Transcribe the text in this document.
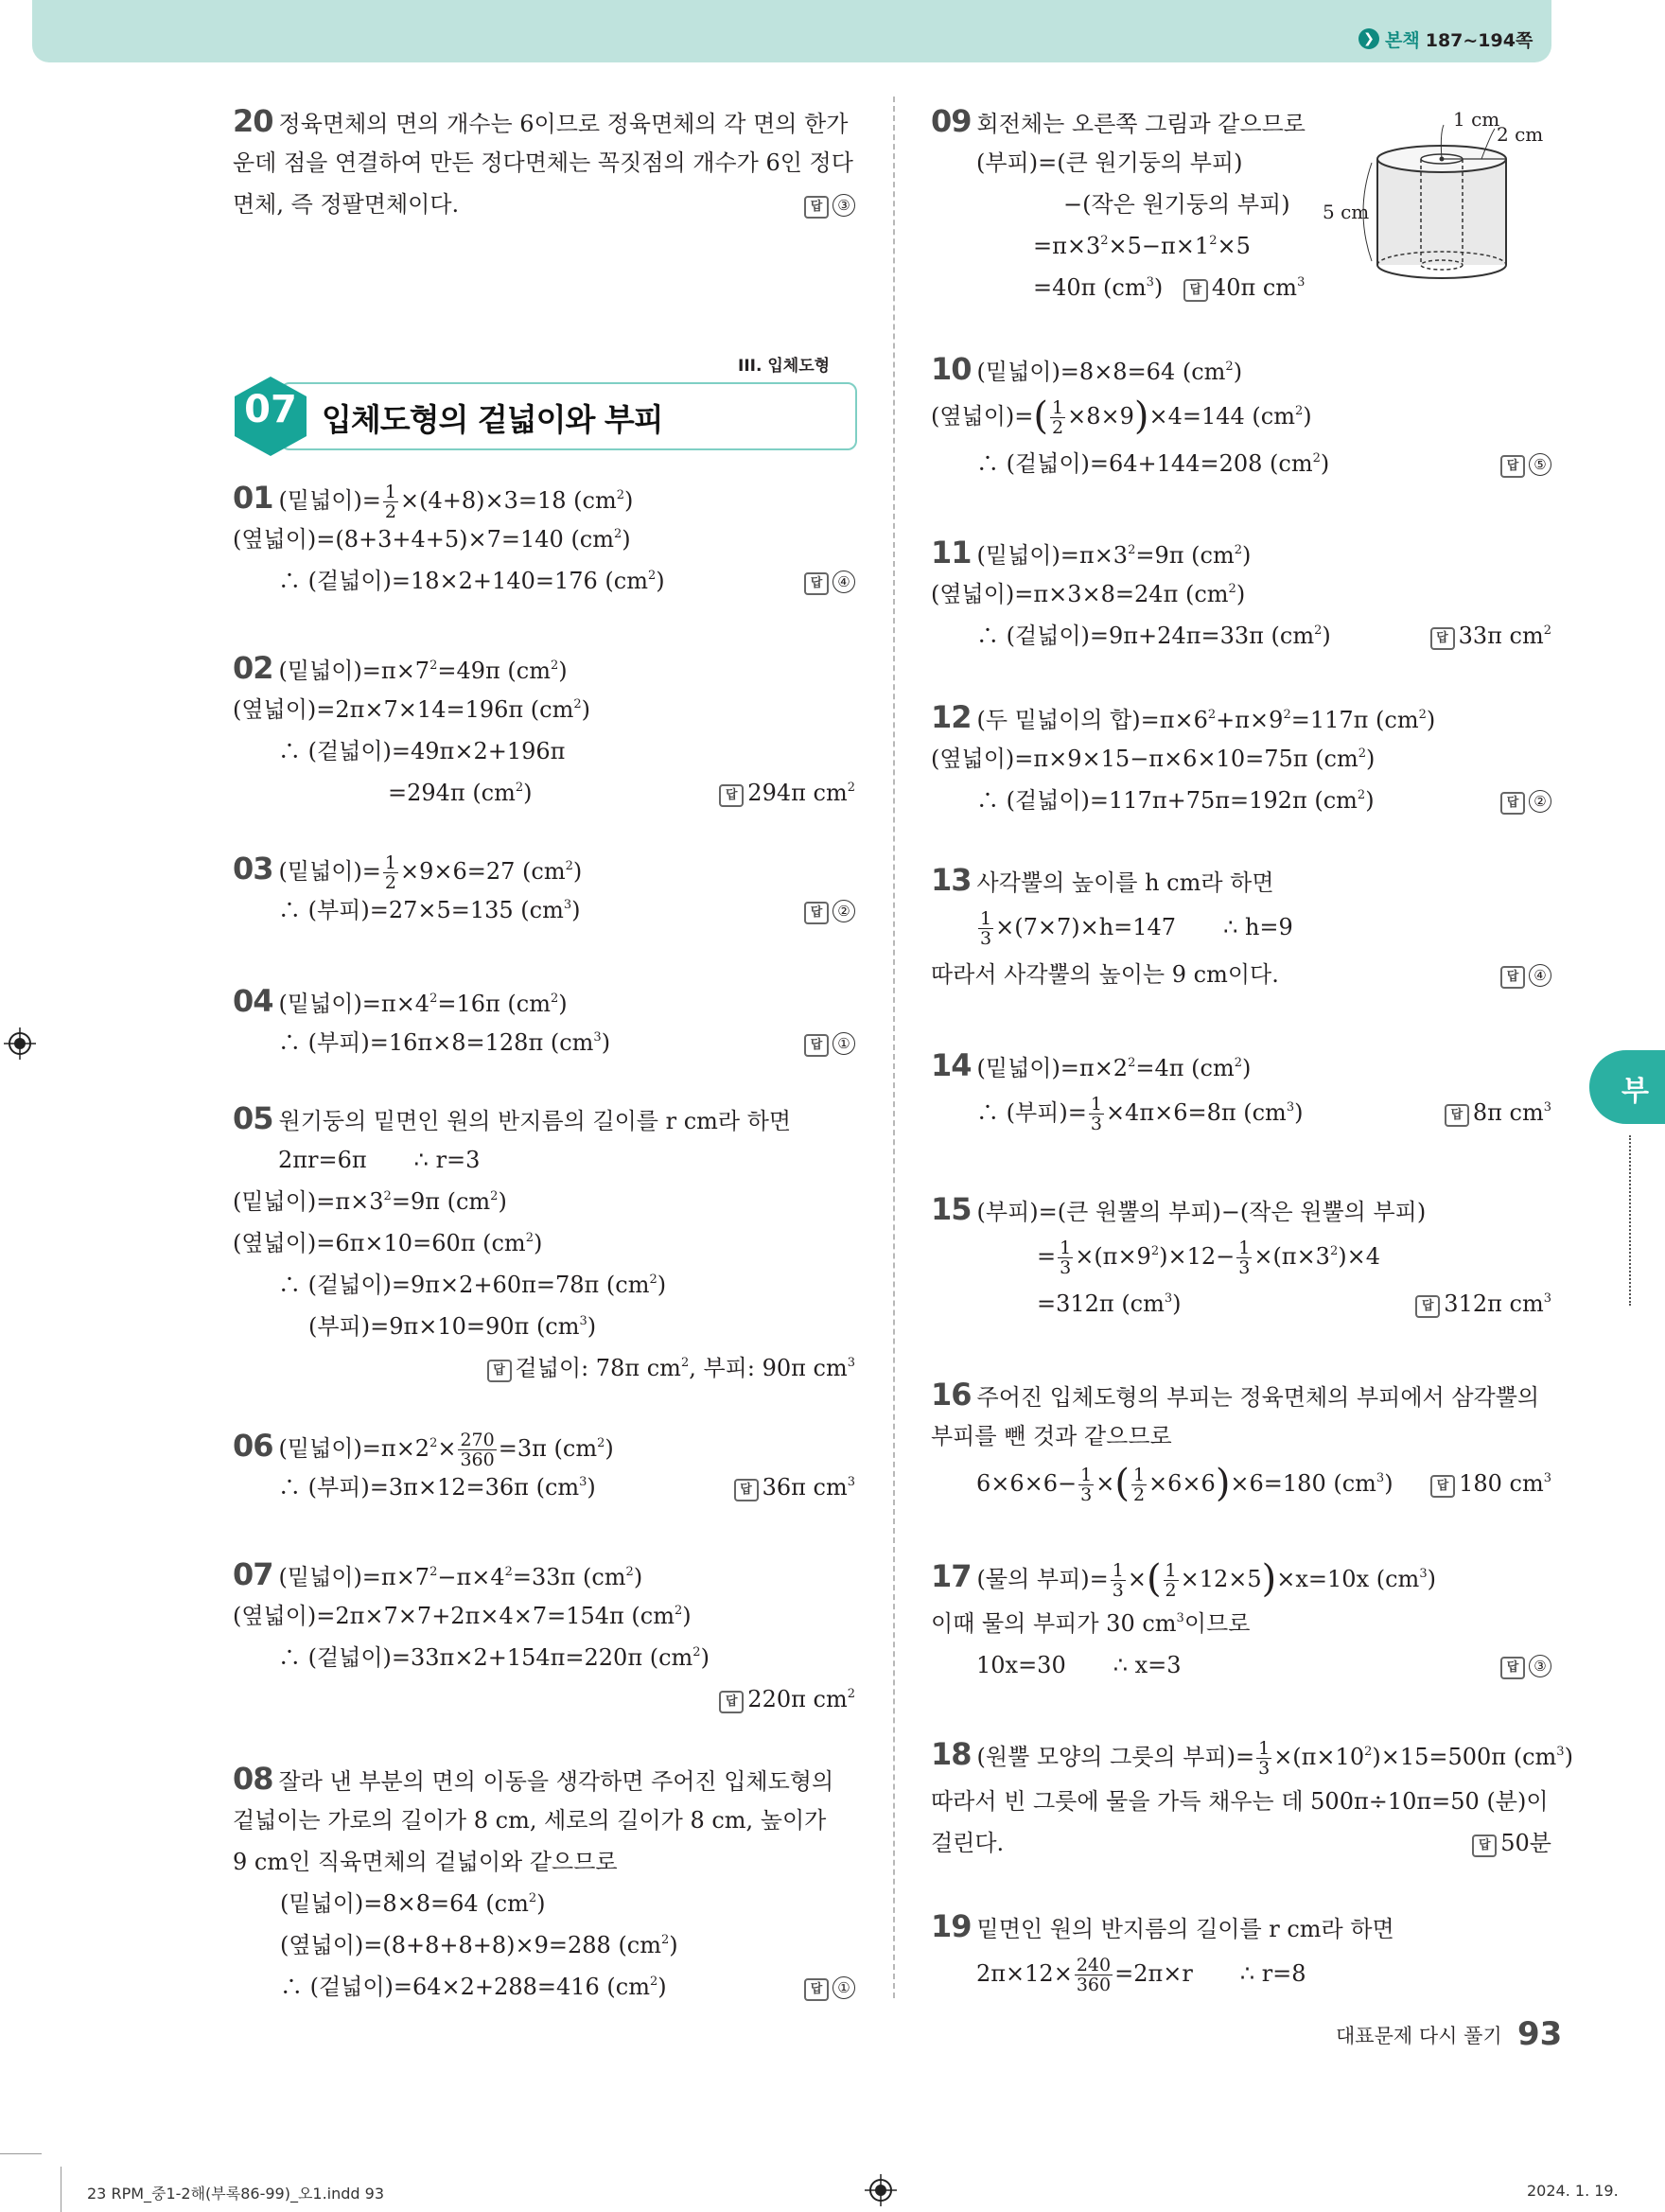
❯ 본책 187~194쪽
20 정육면체의 면의 개수는 6이므로 정육면체의 각 면의 한가
운데 점을 연결하여 만든 정다면체는 꼭짓점의 개수가 6인 정다
면체, 즉 정팔면체이다.	답 ③
III. 입체도형
07 입체도형의 겉넓이와 부피
01 (밑넓이)= $\frac{1}{2} \times(4+8)\times 3=18$ $(cm^2)$
(옆넓이)=(8+3+4+5)×7=140 $(cm^2)$
∴ (겉넓이)=18×2+140=176 $(cm^2)$	답 ④
02 (밑넓이)$=\pi\times 7^2=49\pi$ $(cm^2)$
(옆넓이)=2π×7×14=196π $(cm^2)$
∴ (겉넓이)=49π×2+196π
=294π $(cm^2)$	답 294π $cm^2$
03 (밑넓이)= $\frac{1}{2} \times 9\times 6=27$ $(cm^2)$
∴ (부피)=27×5=135 $(cm^3)$	답 ②
04 (밑넓이)$=\pi\times 4^2=16\pi$ $(cm^2)$
∴ (부피)=16π×8=128π $(cm^3)$	답 ①
05 원기둥의 밑면인 원의 반지름의 길이를 r cm라 하면
2πr=6π ∴ r=3
(밑넓이)$=\pi\times 3^2=9\pi$ $(cm^2)$
(옆넓이)=6π×10=60π $(cm^2)$
∴ (겉넓이)=9π×2+60π=78π $(cm^2)$
(부피)=9π×10=90π $(cm^3)$
답 겉넓이: 78π $cm^2$, 부피: 90π $cm^3$
06 (밑넓이)$=\pi\times 2^2\times \frac{270}{360} =3\pi$ $(cm^2)$
∴ (부피)=3π×12=36π $(cm^3)$	답 36π $cm^3$
07 (밑넓이)$=\pi\times 7^2-\pi\times 4^2=33\pi$ $(cm^2)$
(옆넓이)=2π×7×7+2π×4×7=154π $(cm^2)$
∴ (겉넓이)=33π×2+154π=220π $(cm^2)$
답 220π $cm^2$
08 잘라 낸 부분의 면의 이동을 생각하면 주어진 입체도형의
겉넓이는 가로의 길이가 8 cm, 세로의 길이가 8 cm, 높이가
9 cm인 직육면체의 겉넓이와 같으므로
(밑넓이)=8×8=64 $(cm^2)$
(옆넓이)=(8+8+8+8)×9=288 $(cm^2)$
∴ (겉넓이)=64×2+288=416 $(cm^2)$	답 ①
09 회전체는 오른쪽 그림과 같으므로
(부피)=(큰 원기둥의 부피)
−(작은 원기둥의 부피)
$=\pi\times 3^2\times 5-\pi\times 1^2\times 5$
=40π $(cm^3)$ 답 40π $cm^3$
1 cm
2 cm
5 cm
10 (밑넓이)=8×8=64 $(cm^2)$
(옆넓이)=( $\frac{1}{2} \times 8\times 9)\times 4=144$ $(cm^2)$
∴ (겉넓이)=64+144=208 $(cm^2)$	답 ⑤
11 (밑넓이)$=\pi\times 3^2=9\pi$ $(cm^2)$
(옆넓이)=π×3×8=24π $(cm^2)$
∴ (겉넓이)=9π+24π=33π $(cm^2)$	답 33π $cm^2$
12 (두 밑넓이의 합)$=\pi\times 6^2+\pi\times 9^2=117\pi$ $(cm^2)$
(옆넓이)=π×9×15−π×6×10=75π $(cm^2)$
∴ (겉넓이)=117π+75π=192π $(cm^2)$	답 ②
13 사각뿔의 높이를 h cm라 하면
$\frac{1}{3} \times(7\times 7)\times h=147$ ∴ h=9
따라서 사각뿔의 높이는 9 cm이다.	답 ④
14 (밑넓이)$=\pi\times 2^2=4\pi$ $(cm^2)$
∴ (부피)= $\frac{1}{3} \times 4\pi\times 6=8\pi$ $(cm^3)$	답 8π $cm^3$
15 (부피)=(큰 원뿔의 부피)−(작은 원뿔의 부피)
= $\frac{1}{3} \times(\pi\times 9^2)\times 12- \frac{1}{3} \times(\pi\times 3^2)\times 4$
=312π $(cm^3)$	답 312π $cm^3$
16 주어진 입체도형의 부피는 정육면체의 부피에서 삼각뿔의
부피를 뺀 것과 같으므로
$6\times 6\times 6- \frac{1}{3}$ ×( $\frac{1}{2} \times 6\times 6)\times 6=180$ $(cm^3)$	답 180 $cm^3$
17 (물의 부피)= $\frac{1}{3}$ ×( $\frac{1}{2} \times 12\times 5)\times x=10x$ $(cm^3)$
이때 물의 부피가 30 $cm^3$이므로
10x=30 ∴ x=3	답 ③
18 (원뿔 모양의 그릇의 부피)= $\frac{1}{3} \times(\pi\times 10^2)\times 15=500\pi$ $(cm^3)$
따라서 빈 그릇에 물을 가득 채우는 데 500π÷10π=50 (분)이
걸린다.	답 50분
19 밑면인 원의 반지름의 길이를 r cm라 하면
$2\pi\times 12\times \frac{240}{360} =2\pi\times r$ ∴ r=8
부
대표문제 다시 풀기 93
23 RPM_중1-2해(부록86-99)_오1.indd 93	2024. 1. 19.
